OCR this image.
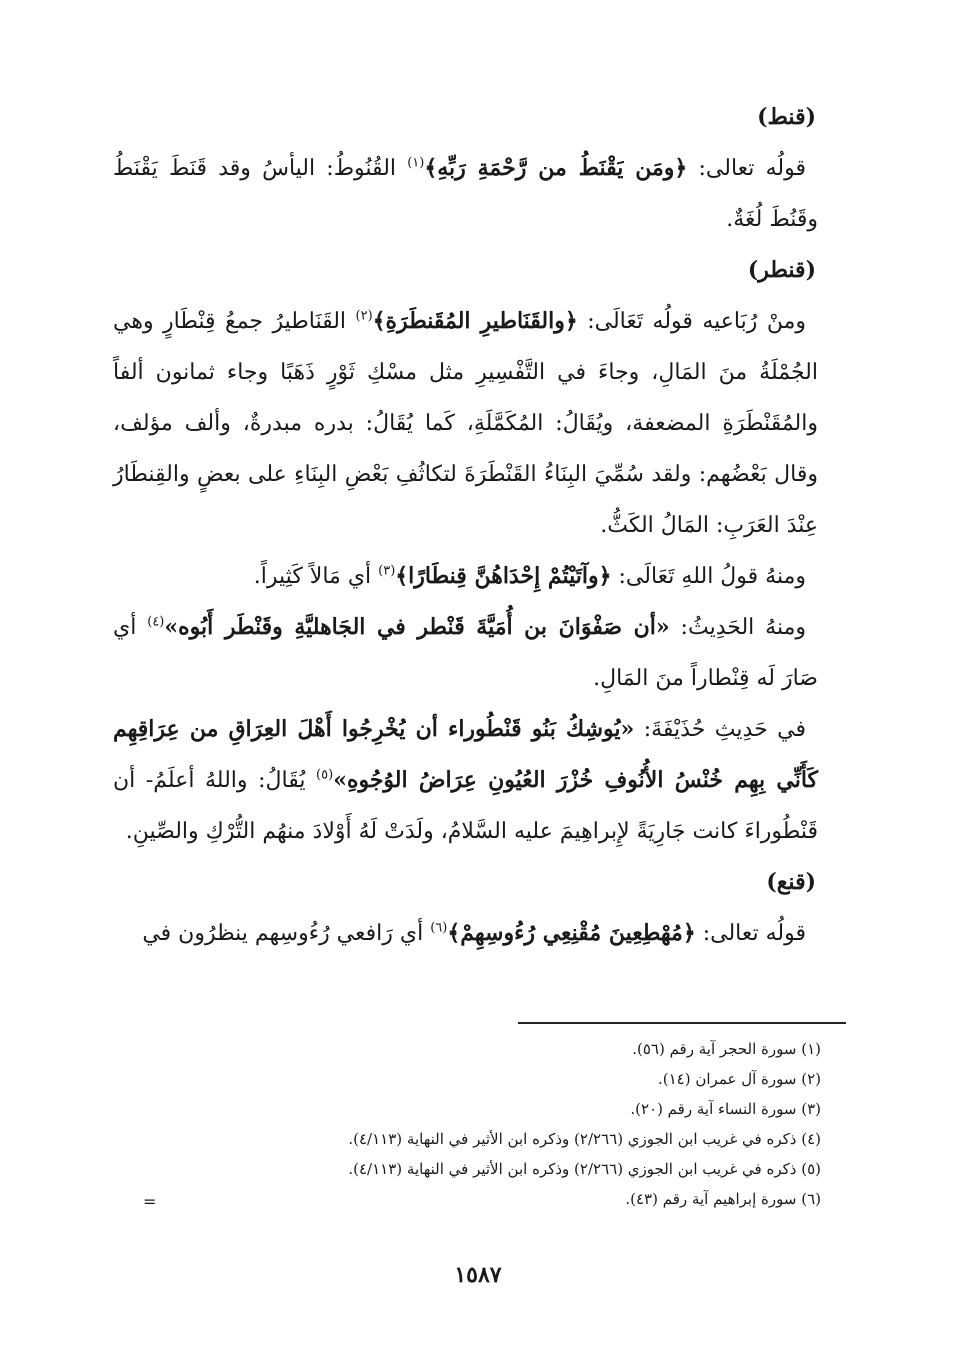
(قنط)

قولُه تعالى: ﴿ومَن يَقْنَطُ من رَّحْمَةِ رَبِّهِ﴾$^{(١)}$ القُنُوطُ: اليأسُ وقد قَنَطَ يَقْنَطُ وقَنُطَ لُغَةٌ.

(قنطر)

ومنْ رُبَاعيه قولُه تَعَالَى: ﴿والقَنَاطيرِ المُقَنطَرَةِ﴾$^{(٢)}$ القَنَاطيرُ جمعُ قِنْطَارٍ وهي الجُمْلَةُ منَ المَالِ، وجاءَ في التَّفْسِيرِ مثل مسْكِ ثَوْرٍ ذَهَبًا وجاء ثمانون ألفاً والمُقَنْطَرَةِ المضعفة، ويُقَالُ: المُكَمَّلَةِ، كَما يُقَالُ: بدره مبدرةٌ، وألف مؤلف، وقال بَعْضُهم: ولقد سُمِّيَ البِنَاءُ القَنْطَرَةَ لتكاثُفِ بَعْضِ البِنَاءِ على بعضٍ والقِنطَارُ عِنْدَ العَرَبِ: المَالُ الكَثُّ.

ومنهُ قولُ اللهِ تَعَالَى: ﴿وآتَيْتُمْ إِحْدَاهُنَّ قِنطَارًا﴾$^{(٣)}$ أي مَالاً كَثِيراً.

ومنهُ الحَدِيثُ: «أن صَفْوَانَ بن أُمَيَّةَ قَنْطر في الجَاهليَّةِ وقَنْطَر أَبُوه»$^{(٤)}$ أي صَارَ لَه قِنْطاراً منَ المَالِ.

في حَدِيثِ حُذَيْفَةَ: «يُوشِكُ بَنُو قَنْطُوراء أن يُخْرِجُوا أَهْلَ العِرَاقِ من عِرَاقِهِم كَأَنِّي بِهِم خُنْسُ الأُنُوفِ خُزْرَ العُيُونِ عِرَاضُ الوُجُوهِ»$^{(٥)}$ يُقَالُ: واللهُ أعلَمُ- أن قَنْطُوراءَ كانت جَارِيَةً لإِبراهِيمَ عليه السَّلامُ، ولَدَتْ لَهُ أَوْلادَ منهُم التُّرْكِ والصِّينِ.

(قنع)

قولُه تعالى: ﴿مُهْطِعِينَ مُقْنِعِي رُءُوسِهِمْ﴾$^{(٦)}$ أي رَافعي رُءُوسِهم ينظرُون في

(١) سورة الحجر آية رقم (٥٦).

(٢) سورة آل عمران (١٤).

(٣) سورة النساء آية رقم (٢٠).

(٤) ذكره في غريب ابن الجوزي (٢/٢٦٦) وذكره ابن الأثير في النهاية (٤/١١٣).

(٥) ذكره في غريب ابن الجوزي (٢/٢٦٦) وذكره ابن الأثير في النهاية (٤/١١٣).

(٦) سورة إبراهيم آية رقم (٤٣).

=
١٥٨٧
